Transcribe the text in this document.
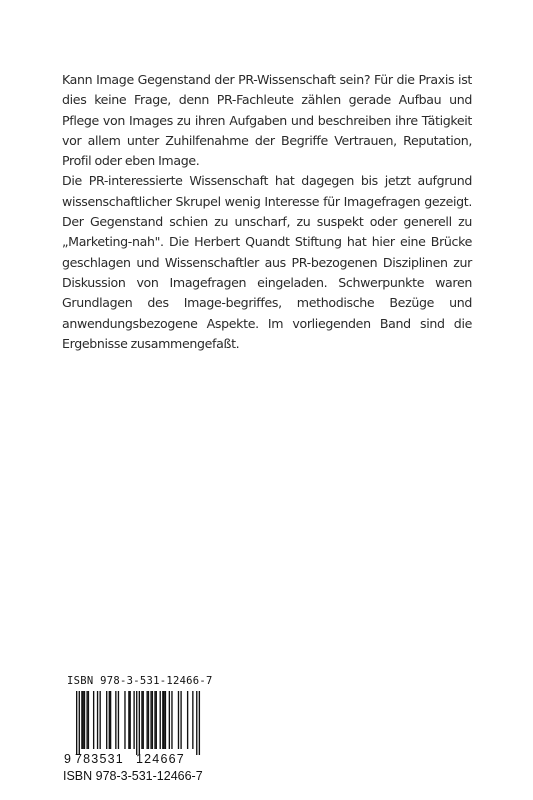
Kann Image Gegenstand der PR-Wissenschaft sein? Für die Praxis ist dies keine Frage, denn PR-Fachleute zählen gerade Aufbau und Pflege von Images zu ihren Aufgaben und beschreiben ihre Tätigkeit vor allem unter Zuhilfenahme der Begriffe Vertrauen, Reputation, Profil oder eben Image.

Die PR-interessierte Wissenschaft hat dagegen bis jetzt aufgrund wissenschaftlicher Skrupel wenig Interesse für Imagefragen gezeigt. Der Gegenstand schien zu unscharf, zu suspekt oder generell zu „Marketing-nah". Die Herbert Quandt Stiftung hat hier eine Brücke geschlagen und Wissenschaftler aus PR-bezogenen Disziplinen zur Diskussion von Imagefragen eingeladen. Schwerpunkte waren Grundlagen des Image-begriffes, methodische Bezüge und anwendungsbezogene Aspekte. Im vorliegenden Band sind die Ergebnisse zusammengefaßt.

ISBN 978-3-531-12466-7
9 783531 124667
ISBN 978-3-531-12466-7
